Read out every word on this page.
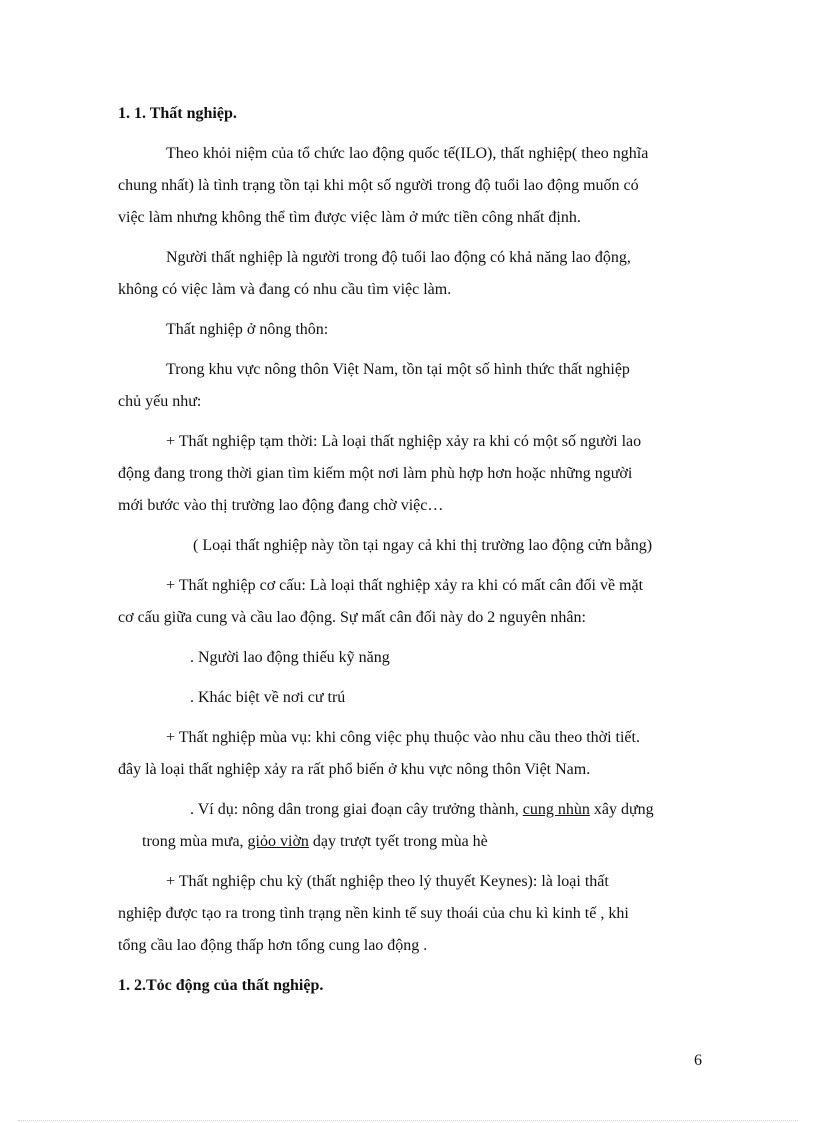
1. 1. Thất nghiệp.

Theo khỏi niệm của tổ chức lao động quốc tế(ILO), thất nghiệp( theo nghĩa
chung nhất) là tình trạng tồn tại khi một số người trong độ tuổi lao động muốn có
việc làm nhưng không thể tìm được việc làm ở mức tiền công nhất định.
Người thất nghiệp là người trong độ tuổi lao động có khả năng lao động,
không có việc làm và đang có nhu cầu tìm việc làm.
Thất nghiệp ở nông thôn:
Trong khu vực nông thôn Việt Nam, tồn tại một số hình thức thất nghiệp
chủ yếu như:
+ Thất nghiệp tạm thời: Là loại thất nghiệp xảy ra khi có một số người lao
động đang trong thời gian tìm kiếm một nơi làm phù hợp hơn hoặc những người
mới bước vào thị trường lao động đang chờ việc…
( Loại thất nghiệp này tồn tại ngay cả khi thị trường lao động cửn bằng)
+ Thất nghiệp cơ cấu: Là loại thất nghiệp xảy ra khi có mất cân đối về mặt
cơ cấu giữa cung và cầu lao động. Sự mất cân đối này do 2 nguyên nhân:
. Người lao động thiếu kỹ năng
. Khác biệt về nơi cư trú
+ Thất nghiệp mùa vụ: khi công việc phụ thuộc vào nhu cầu theo thời tiết.
đây là loại thất nghiệp xảy ra rất phổ biến ở khu vực nông thôn Việt Nam.
. Ví dụ: nông dân trong giai đoạn cây trưởng thành, cung nhùn xây dựng
trong mùa mưa, giỏo viờn dạy trượt tyết trong mùa hè
+ Thất nghiệp chu kỳ (thất nghiệp theo lý thuyết Keynes): là loại thất
nghiệp được tạo ra trong tình trạng nền kinh tế suy thoái của chu kì kinh tế , khi
tổng cầu lao động thấp hơn tổng cung lao động .

1. 2.Tỏc động của thất nghiệp.

6
